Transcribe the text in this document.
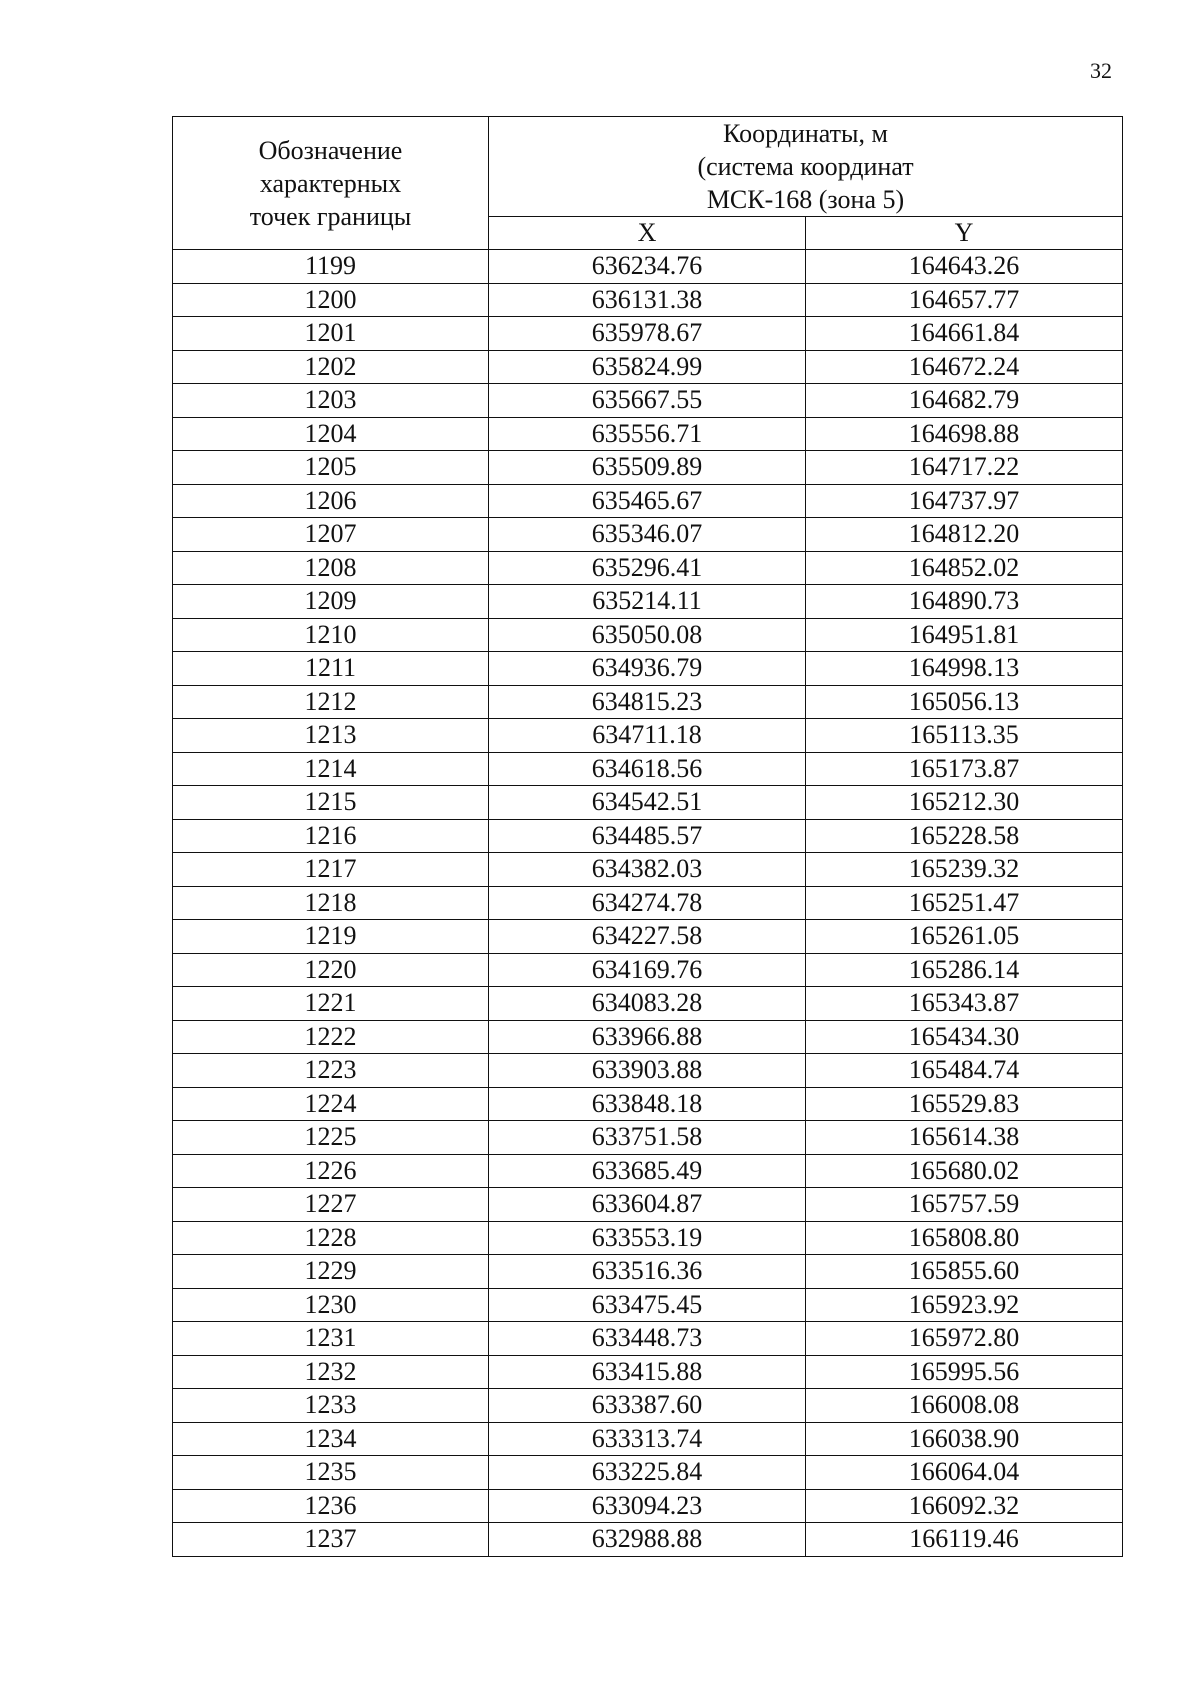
32
Обозначение
характерных
точек границы	Координаты, м
(система координат
МСК-168 (зона 5)	

	X	Y
1199	636234.76	164643.26
1200	636131.38	164657.77
1201	635978.67	164661.84
1202	635824.99	164672.24
1203	635667.55	164682.79
1204	635556.71	164698.88
1205	635509.89	164717.22
1206	635465.67	164737.97
1207	635346.07	164812.20
1208	635296.41	164852.02
1209	635214.11	164890.73
1210	635050.08	164951.81
1211	634936.79	164998.13
1212	634815.23	165056.13
1213	634711.18	165113.35
1214	634618.56	165173.87
1215	634542.51	165212.30
1216	634485.57	165228.58
1217	634382.03	165239.32
1218	634274.78	165251.47
1219	634227.58	165261.05
1220	634169.76	165286.14
1221	634083.28	165343.87
1222	633966.88	165434.30
1223	633903.88	165484.74
1224	633848.18	165529.83
1225	633751.58	165614.38
1226	633685.49	165680.02
1227	633604.87	165757.59
1228	633553.19	165808.80
1229	633516.36	165855.60
1230	633475.45	165923.92
1231	633448.73	165972.80
1232	633415.88	165995.56
1233	633387.60	166008.08
1234	633313.74	166038.90
1235	633225.84	166064.04
1236	633094.23	166092.32
1237	632988.88	166119.46
